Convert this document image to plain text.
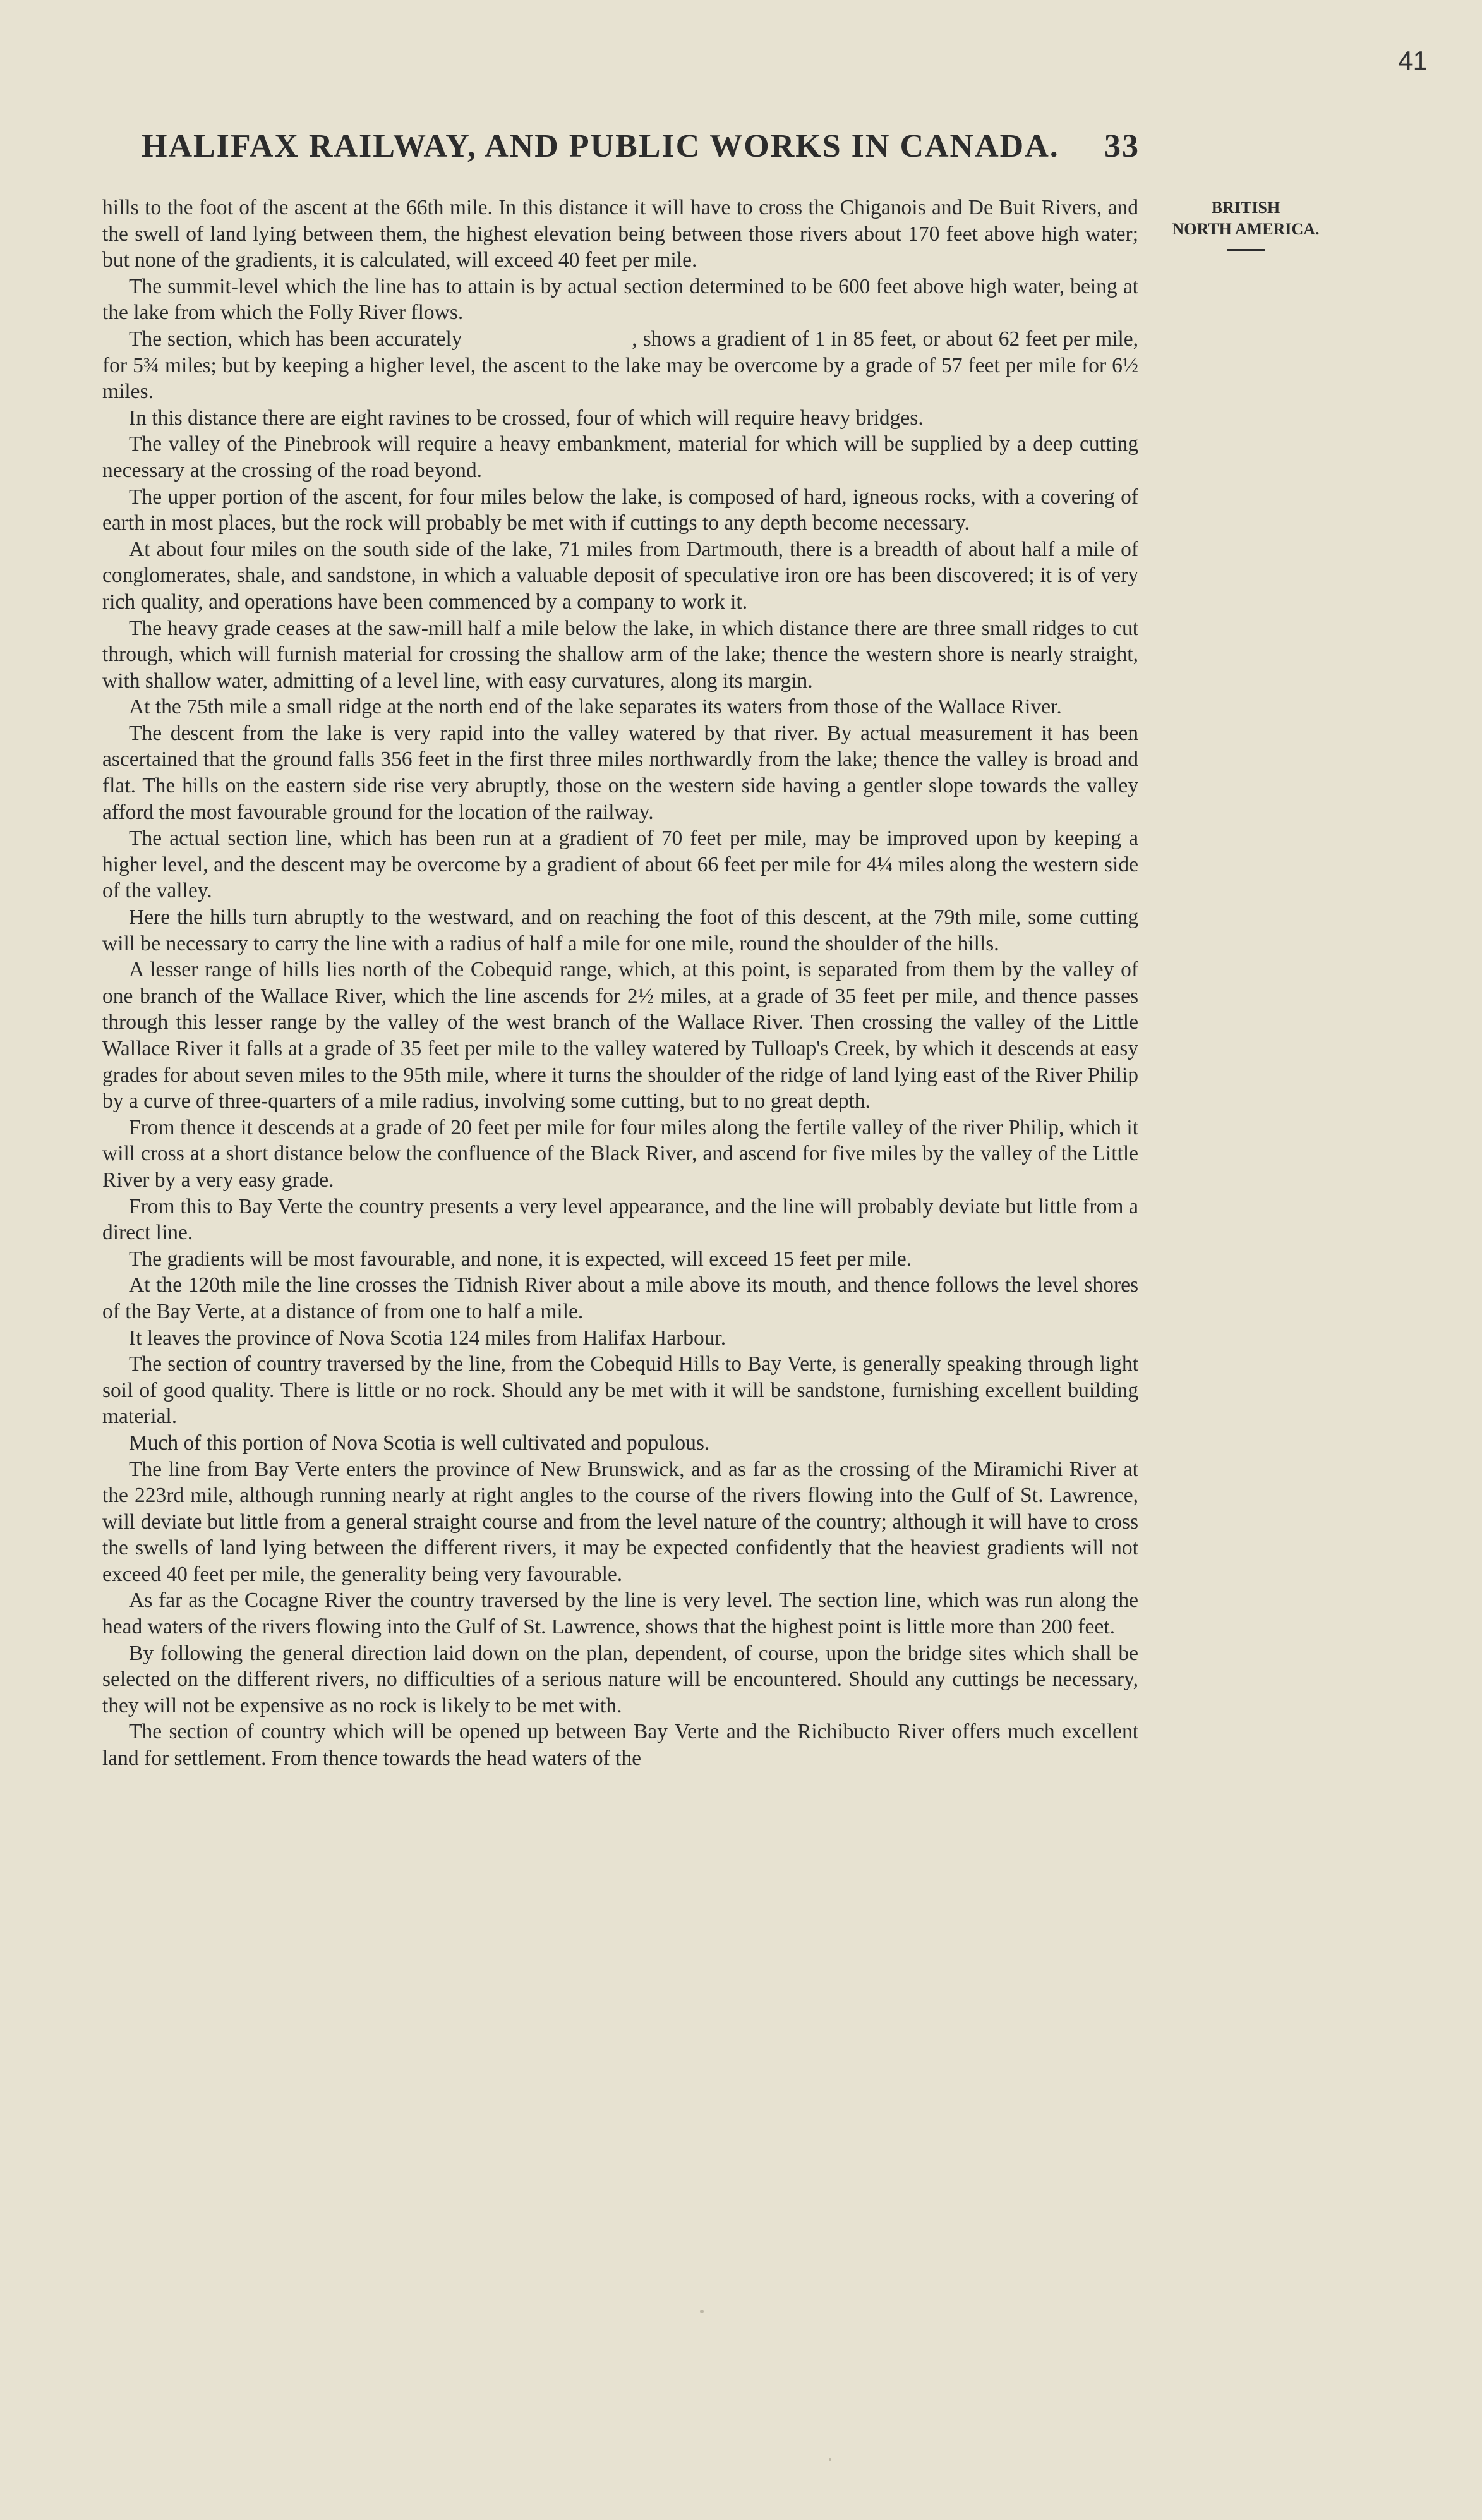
41
HALIFAX RAILWAY, AND PUBLIC WORKS IN CANADA. 33
BRITISH
NORTH AMERICA.

hills to the foot of the ascent at the 66th mile. In this distance it will have to cross the Chiganois and De Buit Rivers, and the swell of land lying between them, the highest elevation being between those rivers about 170 feet above high water; but none of the gradients, it is calculated, will exceed 40 feet per mile.

The summit-level which the line has to attain is by actual section determined to be 600 feet above high water, being at the lake from which the Folly River flows.

The section, which has been accurately                              , shows a gradient of 1 in 85 feet, or about 62 feet per mile, for 5¾ miles; but by keeping a higher level, the ascent to the lake may be overcome by a grade of 57 feet per mile for 6½ miles.

In this distance there are eight ravines to be crossed, four of which will require heavy bridges.

The valley of the Pinebrook will require a heavy embankment, material for which will be supplied by a deep cutting necessary at the crossing of the road beyond.

The upper portion of the ascent, for four miles below the lake, is composed of hard, igneous rocks, with a covering of earth in most places, but the rock will probably be met with if cuttings to any depth become necessary.

At about four miles on the south side of the lake, 71 miles from Dartmouth, there is a breadth of about half a mile of conglomerates, shale, and sandstone, in which a valuable deposit of speculative iron ore has been discovered; it is of very rich quality, and operations have been commenced by a company to work it.

The heavy grade ceases at the saw-mill half a mile below the lake, in which distance there are three small ridges to cut through, which will furnish material for crossing the shallow arm of the lake; thence the western shore is nearly straight, with shallow water, admitting of a level line, with easy curvatures, along its margin.

At the 75th mile a small ridge at the north end of the lake separates its waters from those of the Wallace River.

The descent from the lake is very rapid into the valley watered by that river. By actual measurement it has been ascertained that the ground falls 356 feet in the first three miles northwardly from the lake; thence the valley is broad and flat. The hills on the eastern side rise very abruptly, those on the western side having a gentler slope towards the valley afford the most favourable ground for the location of the railway.

The actual section line, which has been run at a gradient of 70 feet per mile, may be improved upon by keeping a higher level, and the descent may be overcome by a gradient of about 66 feet per mile for 4¼ miles along the western side of the valley.

Here the hills turn abruptly to the westward, and on reaching the foot of this descent, at the 79th mile, some cutting will be necessary to carry the line with a radius of half a mile for one mile, round the shoulder of the hills.

A lesser range of hills lies north of the Cobequid range, which, at this point, is separated from them by the valley of one branch of the Wallace River, which the line ascends for 2½ miles, at a grade of 35 feet per mile, and thence passes through this lesser range by the valley of the west branch of the Wallace River. Then crossing the valley of the Little Wallace River it falls at a grade of 35 feet per mile to the valley watered by Tulloap's Creek, by which it descends at easy grades for about seven miles to the 95th mile, where it turns the shoulder of the ridge of land lying east of the River Philip by a curve of three-quarters of a mile radius, involving some cutting, but to no great depth.

From thence it descends at a grade of 20 feet per mile for four miles along the fertile valley of the river Philip, which it will cross at a short distance below the confluence of the Black River, and ascend for five miles by the valley of the Little River by a very easy grade.

From this to Bay Verte the country presents a very level appearance, and the line will probably deviate but little from a direct line.

The gradients will be most favourable, and none, it is expected, will exceed 15 feet per mile.

At the 120th mile the line crosses the Tidnish River about a mile above its mouth, and thence follows the level shores of the Bay Verte, at a distance of from one to half a mile.

It leaves the province of Nova Scotia 124 miles from Halifax Harbour.

The section of country traversed by the line, from the Cobequid Hills to Bay Verte, is generally speaking through light soil of good quality. There is little or no rock. Should any be met with it will be sandstone, furnishing excellent building material.

Much of this portion of Nova Scotia is well cultivated and populous.

The line from Bay Verte enters the province of New Brunswick, and as far as the crossing of the Miramichi River at the 223rd mile, although running nearly at right angles to the course of the rivers flowing into the Gulf of St. Lawrence, will deviate but little from a general straight course and from the level nature of the country; although it will have to cross the swells of land lying between the different rivers, it may be expected confidently that the heaviest gradients will not exceed 40 feet per mile, the generality being very favourable.

As far as the Cocagne River the country traversed by the line is very level. The section line, which was run along the head waters of the rivers flowing into the Gulf of St. Lawrence, shows that the highest point is little more than 200 feet.

By following the general direction laid down on the plan, dependent, of course, upon the bridge sites which shall be selected on the different rivers, no difficulties of a serious nature will be encountered. Should any cuttings be necessary, they will not be expensive as no rock is likely to be met with.

The section of country which will be opened up between Bay Verte and the Richibucto River offers much excellent land for settlement. From thence towards the head waters of the
